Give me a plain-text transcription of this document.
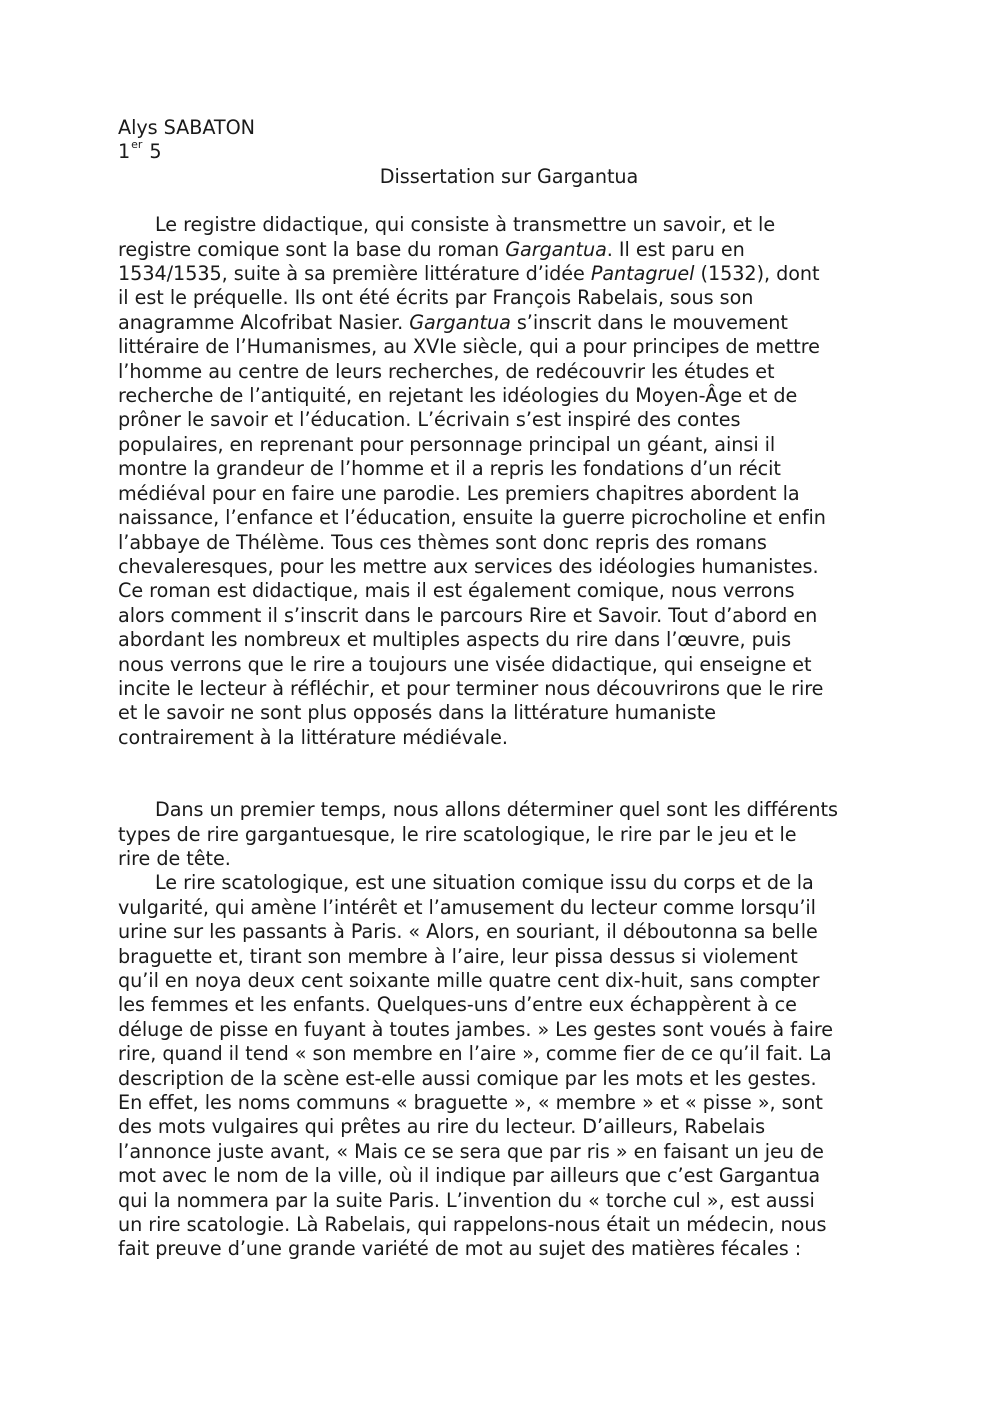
Alys SABATON
1er 5
Dissertation sur Gargantua
Le registre didactique, qui consiste à transmettre un savoir, et le
registre comique sont la base du roman Gargantua. Il est paru en
1534/1535, suite à sa première littérature d’idée Pantagruel (1532), dont
il est le préquelle. Ils ont été écrits par François Rabelais, sous son
anagramme Alcofribat Nasier. Gargantua s’inscrit dans le mouvement
littéraire de l’Humanismes, au XVIe siècle, qui a pour principes de mettre
l’homme au centre de leurs recherches, de redécouvrir les études et
recherche de l’antiquité, en rejetant les idéologies du Moyen-Âge et de
prôner le savoir et l’éducation. L’écrivain s’est inspiré des contes
populaires, en reprenant pour personnage principal un géant, ainsi il
montre la grandeur de l’homme et il a repris les fondations d’un récit
médiéval pour en faire une parodie. Les premiers chapitres abordent la
naissance, l’enfance et l’éducation, ensuite la guerre picrocholine et enfin
l’abbaye de Thélème. Tous ces thèmes sont donc repris des romans
chevaleresques, pour les mettre aux services des idéologies humanistes.
Ce roman est didactique, mais il est également comique, nous verrons
alors comment il s’inscrit dans le parcours Rire et Savoir. Tout d’abord en
abordant les nombreux et multiples aspects du rire dans l’œuvre, puis
nous verrons que le rire a toujours une visée didactique, qui enseigne et
incite le lecteur à réfléchir, et pour terminer nous découvrirons que le rire
et le savoir ne sont plus opposés dans la littérature humaniste
contrairement à la littérature médiévale.
Dans un premier temps, nous allons déterminer quel sont les différents
types de rire gargantuesque, le rire scatologique, le rire par le jeu et le
rire de tête.
Le rire scatologique, est une situation comique issu du corps et de la
vulgarité, qui amène l’intérêt et l’amusement du lecteur comme lorsqu’il
urine sur les passants à Paris. « Alors, en souriant, il déboutonna sa belle
braguette et, tirant son membre à l’aire, leur pissa dessus si violement
qu’il en noya deux cent soixante mille quatre cent dix-huit, sans compter
les femmes et les enfants. Quelques-uns d’entre eux échappèrent à ce
déluge de pisse en fuyant à toutes jambes. » Les gestes sont voués à faire
rire, quand il tend « son membre en l’aire », comme fier de ce qu’il fait. La
description de la scène est-elle aussi comique par les mots et les gestes.
En effet, les noms communs « braguette », « membre » et « pisse », sont
des mots vulgaires qui prêtes au rire du lecteur. D’ailleurs, Rabelais
l’annonce juste avant, « Mais ce se sera que par ris » en faisant un jeu de
mot avec le nom de la ville, où il indique par ailleurs que c’est Gargantua
qui la nommera par la suite Paris. L’invention du « torche cul », est aussi
un rire scatologie. Là Rabelais, qui rappelons-nous était un médecin, nous
fait preuve d’une grande variété de mot au sujet des matières fécales :
